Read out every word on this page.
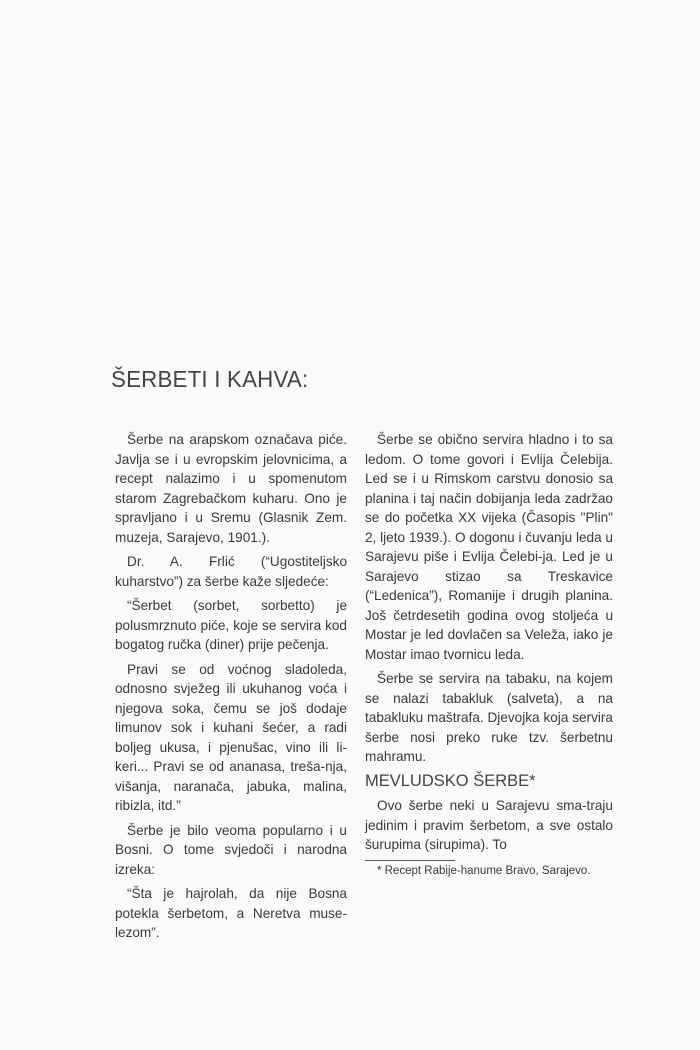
ŠERBETI I KAHVA:

Šerbe na arapskom označava piće. Javlja se i u evropskim jelovnicima, a recept nalazimo i u spomenutom starom Zagrebačkom kuharu. Ono je spravljano i u Sremu (Glasnik Zem. muzeja, Sarajevo, 1901.).

Dr. A. Frlić (“Ugostiteljsko kuharstvo”) za šerbe kaže sljedeće:

“Šerbet (sorbet, sorbetto) je polusmrznuto piće, koje se servira kod bogatog ručka (diner) prije pečenja.

Pravi se od voćnog sladoleda, odnosno svježeg ili ukuhanog voća i njegova soka, čemu se još dodaje limunov sok i kuhani šećer, a radi boljeg ukusa, i pjenušac, vino ili li-keri... Pravi se od ananasa, treša-nja, višanja, naranača, jabuka, malina, ribizla, itd.”

Šerbe je bilo veoma popularno i u Bosni. O tome svjedoči i narodna izreka:

“Šta je hajrolah, da nije Bosna potekla šerbetom, a Neretva muse-lezom”.

Šerbe se obično servira hladno i to sa ledom. O tome govori i Evlija Čelebija. Led se i u Rimskom carstvu donosio sa planina i taj način dobijanja leda zadržao se do početka XX vijeka (Časopis "Plin" 2, ljeto 1939.). O dogonu i čuvanju leda u Sarajevu piše i Evlija Čelebi-ja. Led je u Sarajevo stizao sa Treskavice (“Ledenica”), Romanije i drugih planina. Još četrdesetih godina ovog stoljeća u Mostar je led dovlačen sa Veleža, iako je Mostar imao tvornicu leda.

Šerbe se servira na tabaku, na kojem se nalazi tabakluk (salveta), a na tabakluku maštrafa. Djevojka koja servira šerbe nosi preko ruke tzv. šerbetnu mahramu.

MEVLUDSKO ŠERBE*

Ovo šerbe neki u Sarajevu sma-traju jedinim i pravim šerbetom, a sve ostalo šurupima (sirupima). To

* Recept Rabije-hanume Bravo, Sarajevo.
